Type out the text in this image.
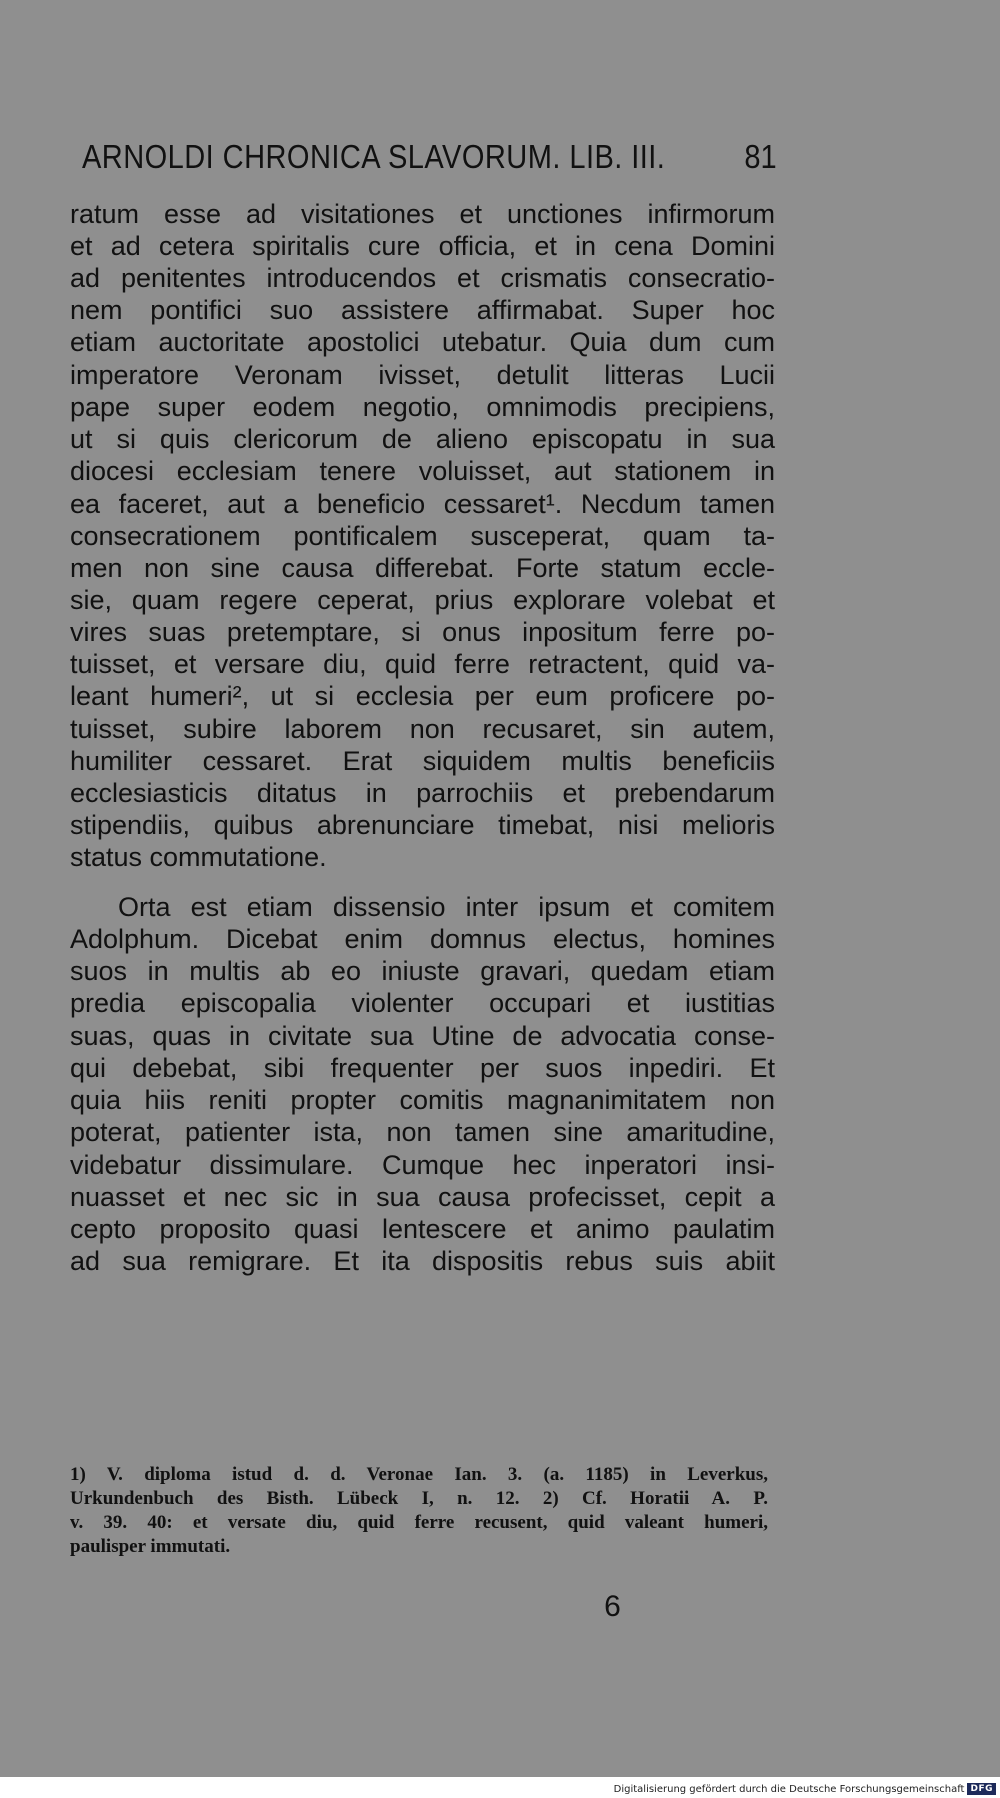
ARNOLDI CHRONICA SLAVORUM. LIB. III. 81

ratum esse ad visitationes et unctiones infirmorum

et ad cetera spiritalis cure officia, et in cena Domini

ad penitentes introducendos et crismatis consecratio-

nem pontifici suo assistere affirmabat. Super hoc

etiam auctoritate apostolici utebatur. Quia dum cum

imperatore Veronam ivisset, detulit litteras Lucii

pape super eodem negotio, omnimodis precipiens,

ut si quis clericorum de alieno episcopatu in sua

diocesi ecclesiam tenere voluisset, aut stationem in

ea faceret, aut a beneficio cessaret¹. Necdum tamen

consecrationem pontificalem susceperat, quam ta-

men non sine causa differebat. Forte statum eccle-

sie, quam regere ceperat, prius explorare volebat et

vires suas pretemptare, si onus inpositum ferre po-

tuisset, et versare diu, quid ferre retractent, quid va-

leant humeri², ut si ecclesia per eum proficere po-

tuisset, subire laborem non recusaret, sin autem,

humiliter cessaret. Erat siquidem multis beneficiis

ecclesiasticis ditatus in parrochiis et prebendarum

stipendiis, quibus abrenunciare timebat, nisi melioris

status commutatione.

Orta est etiam dissensio inter ipsum et comitem

Adolphum. Dicebat enim domnus electus, homines

suos in multis ab eo iniuste gravari, quedam etiam

predia episcopalia violenter occupari et iustitias

suas, quas in civitate sua Utine de advocatia conse-

qui debebat, sibi frequenter per suos inpediri. Et

quia hiis reniti propter comitis magnanimitatem non

poterat, patienter ista, non tamen sine amaritudine,

videbatur dissimulare. Cumque hec inperatori insi-

nuasset et nec sic in sua causa profecisset, cepit a

cepto proposito quasi lentescere et animo paulatim

ad sua remigrare. Et ita dispositis rebus suis abiit

1) V. diploma istud d. d. Veronae Ian. 3. (a. 1185) in Leverkus,
Urkundenbuch des Bisth. Lübeck I, n. 12. 2) Cf. Horatii A. P.
v. 39. 40: et versate diu, quid ferre recusent, quid valeant humeri,
paulisper immutati.
6
Digitalisierung gefördert durch die Deutsche Forschungsgemeinschaft DFG
